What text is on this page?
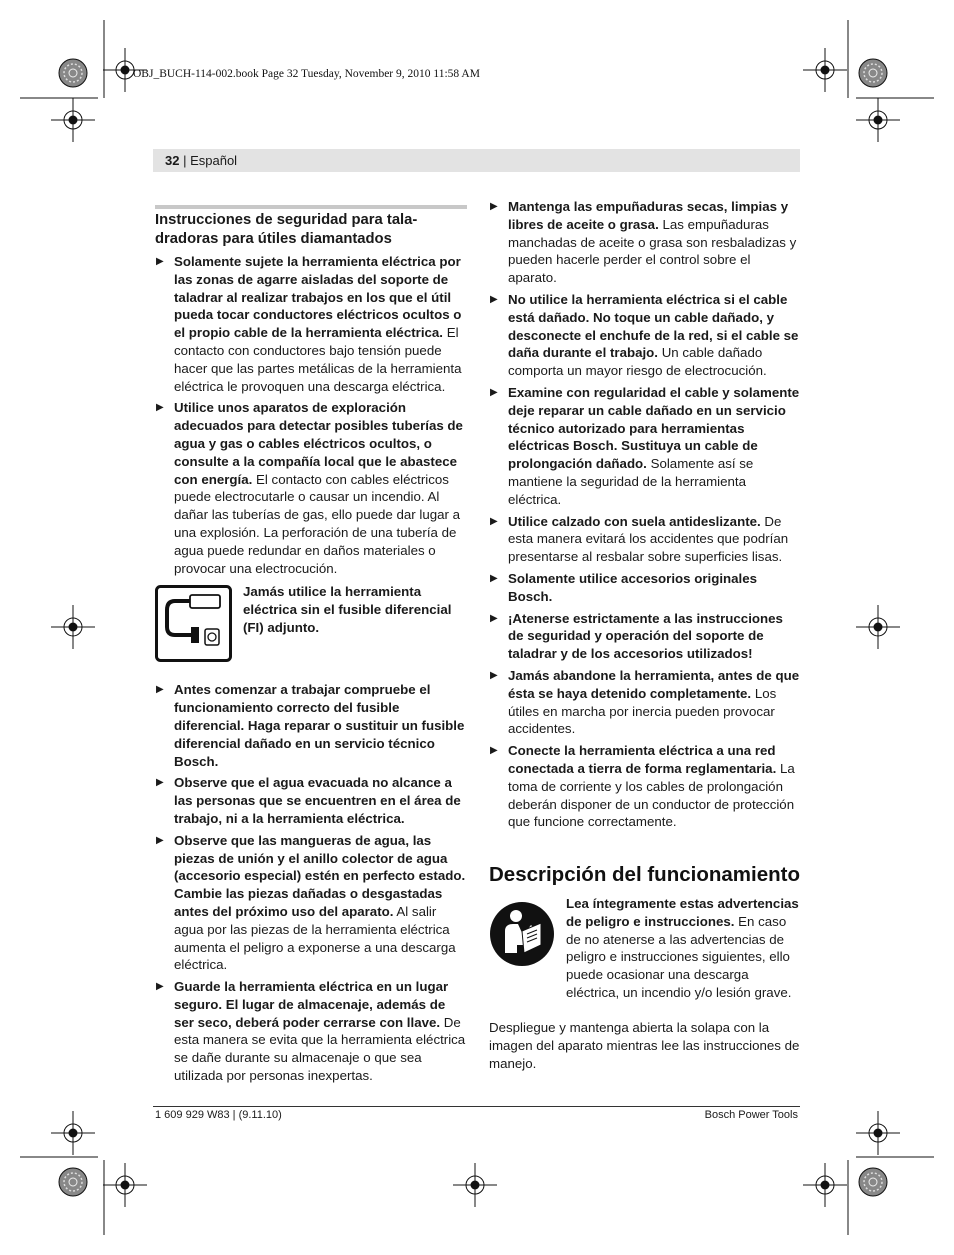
OBJ_BUCH-114-002.book Page 32 Tuesday, November 9, 2010 11:58 AM
32 | Español
Instrucciones de seguridad para tala-
dradoras para útiles diamantados
▶ Solamente sujete la herramienta eléctrica por las zonas de agarre aisladas del soporte de taladrar al realizar trabajos en los que el útil pueda tocar conductores eléctricos ocultos o el propio cable de la herramienta eléctrica. El contacto con conductores bajo tensión puede hacer que las partes metálicas de la herramienta eléctrica le provoquen una descarga eléctrica.
▶ Utilice unos aparatos de exploración adecuados para detectar posibles tuberías de agua y gas o cables eléctricos ocultos, o consulte a la compañía local que le abastece con energía. El contacto con cables eléctricos puede electrocutarle o causar un incendio. Al dañar las tuberías de gas, ello puede dar lugar a una explosión. La perforación de una tubería de agua puede redundar en daños materiales o provocar una electrocución.
Jamás utilice la herramienta eléctrica sin el fusible diferencial (FI) adjunto.
▶ Antes comenzar a trabajar compruebe el funcionamiento correcto del fusible diferencial. Haga reparar o sustituir un fusible diferencial dañado en un servicio técnico Bosch.
▶ Observe que el agua evacuada no alcance a las personas que se encuentren en el área de trabajo, ni a la herramienta eléctrica.
▶ Observe que las mangueras de agua, las piezas de unión y el anillo colector de agua (accesorio especial) estén en perfecto estado. Cambie las piezas dañadas o desgastadas antes del próximo uso del aparato. Al salir agua por las piezas de la herramienta eléctrica aumenta el peligro a exponerse a una descarga eléctrica.
▶ Guarde la herramienta eléctrica en un lugar seguro. El lugar de almacenaje, además de ser seco, deberá poder cerrarse con llave. De esta manera se evita que la herramienta eléctrica se dañe durante su almacenaje o que sea utilizada por personas inexpertas.
▶ Mantenga las empuñaduras secas, limpias y libres de aceite o grasa. Las empuñaduras manchadas de aceite o grasa son resbaladizas y pueden hacerle perder el control sobre el aparato.
▶ No utilice la herramienta eléctrica si el cable está dañado. No toque un cable dañado, y desconecte el enchufe de la red, si el cable se daña durante el trabajo. Un cable dañado comporta un mayor riesgo de electrocución.
▶ Examine con regularidad el cable y solamente deje reparar un cable dañado en un servicio técnico autorizado para herramientas eléctricas Bosch. Sustituya un cable de prolongación dañado. Solamente así se mantiene la seguridad de la herramienta eléctrica.
▶ Utilice calzado con suela antideslizante. De esta manera evitará los accidentes que podrían presentarse al resbalar sobre superficies lisas.
▶ Solamente utilice accesorios originales Bosch.
▶ ¡Atenerse estrictamente a las instrucciones de seguridad y operación del soporte de taladrar y de los accesorios utilizados!
▶ Jamás abandone la herramienta, antes de que ésta se haya detenido completamente. Los útiles en marcha por inercia pueden provocar accidentes.
▶ Conecte la herramienta eléctrica a una red conectada a tierra de forma reglamentaria. La toma de corriente y los cables de prolongación deberán disponer de un conductor de protección que funcione correctamente.
Descripción del funcionamiento
Lea íntegramente estas advertencias de peligro e instrucciones. En caso de no atenerse a las advertencias de peligro e instrucciones siguientes, ello puede ocasionar una descarga eléctrica, un incendio y/o lesión grave.

Despliegue y mantenga abierta la solapa con la imagen del aparato mientras lee las instrucciones de manejo.

1 609 929 W83 | (9.11.10)	Bosch Power Tools
